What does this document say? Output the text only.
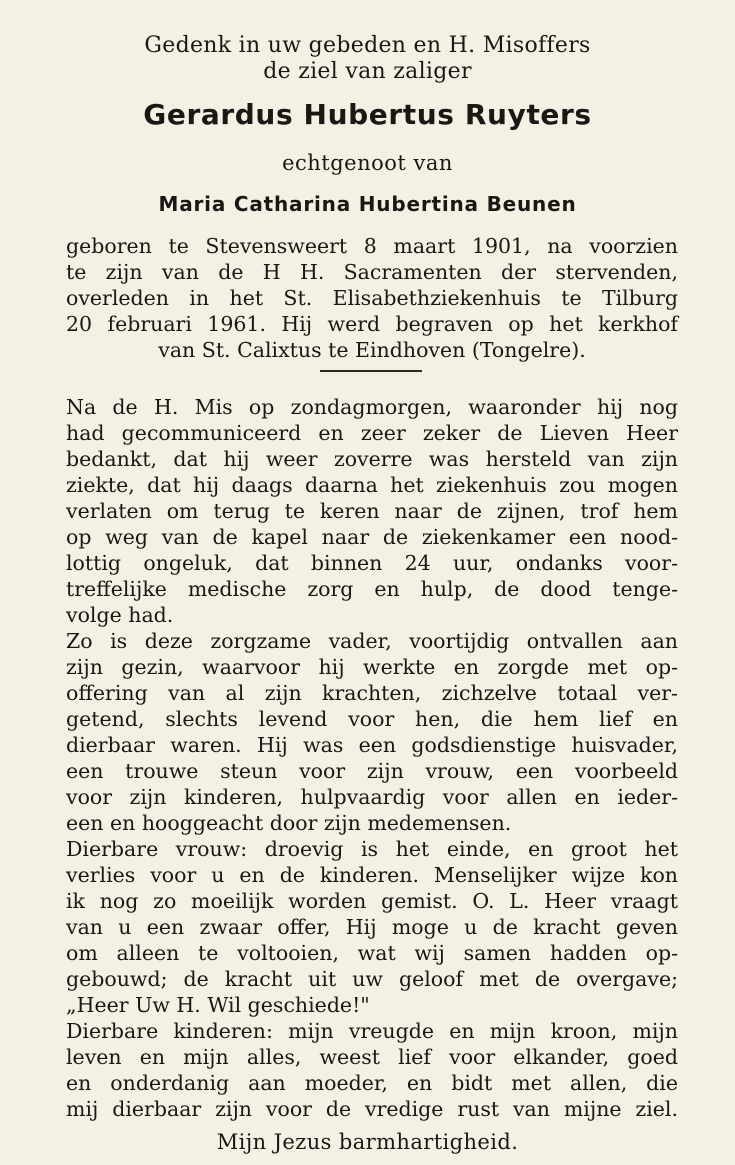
Gedenk in uw gebeden en H. Misoffers
de ziel van zaliger
Gerardus Hubertus Ruyters
echtgenoot van
Maria Catharina Hubertina Beunen
geboren te Stevensweert 8 maart 1901, na voorzien
te zijn van de H H. Sacramenten der stervenden,
overleden in het St. Elisabethziekenhuis te Tilburg
20 februari 1961. Hij werd begraven op het kerkhof
van St. Calixtus te Eindhoven (Tongelre).
Na de H. Mis op zondagmorgen, waaronder hij nog
had gecommuniceerd en zeer zeker de Lieven Heer
bedankt, dat hij weer zoverre was hersteld van zijn
ziekte, dat hij daags daarna het ziekenhuis zou mogen
verlaten om terug te keren naar de zijnen, trof hem
op weg van de kapel naar de ziekenkamer een nood-
lottig ongeluk, dat binnen 24 uur, ondanks voor-
treffelijke medische zorg en hulp, de dood tenge-
volge had.
Zo is deze zorgzame vader, voortijdig ontvallen aan
zijn gezin, waarvoor hij werkte en zorgde met op-
offering van al zijn krachten, zichzelve totaal ver-
getend, slechts levend voor hen, die hem lief en
dierbaar waren. Hij was een godsdienstige huisvader,
een trouwe steun voor zijn vrouw, een voorbeeld
voor zijn kinderen, hulpvaardig voor allen en ieder-
een en hooggeacht door zijn medemensen.
Dierbare vrouw: droevig is het einde, en groot het
verlies voor u en de kinderen. Menselijker wijze kon
ik nog zo moeilijk worden gemist. O. L. Heer vraagt
van u een zwaar offer, Hij moge u de kracht geven
om alleen te voltooien, wat wij samen hadden op-
gebouwd; de kracht uit uw geloof met de overgave;
„Heer Uw H. Wil geschiede!"
Dierbare kinderen: mijn vreugde en mijn kroon, mijn
leven en mijn alles, weest lief voor elkander, goed
en onderdanig aan moeder, en bidt met allen, die
mij dierbaar zijn voor de vredige rust van mijne ziel.
Mijn Jezus barmhartigheid.
